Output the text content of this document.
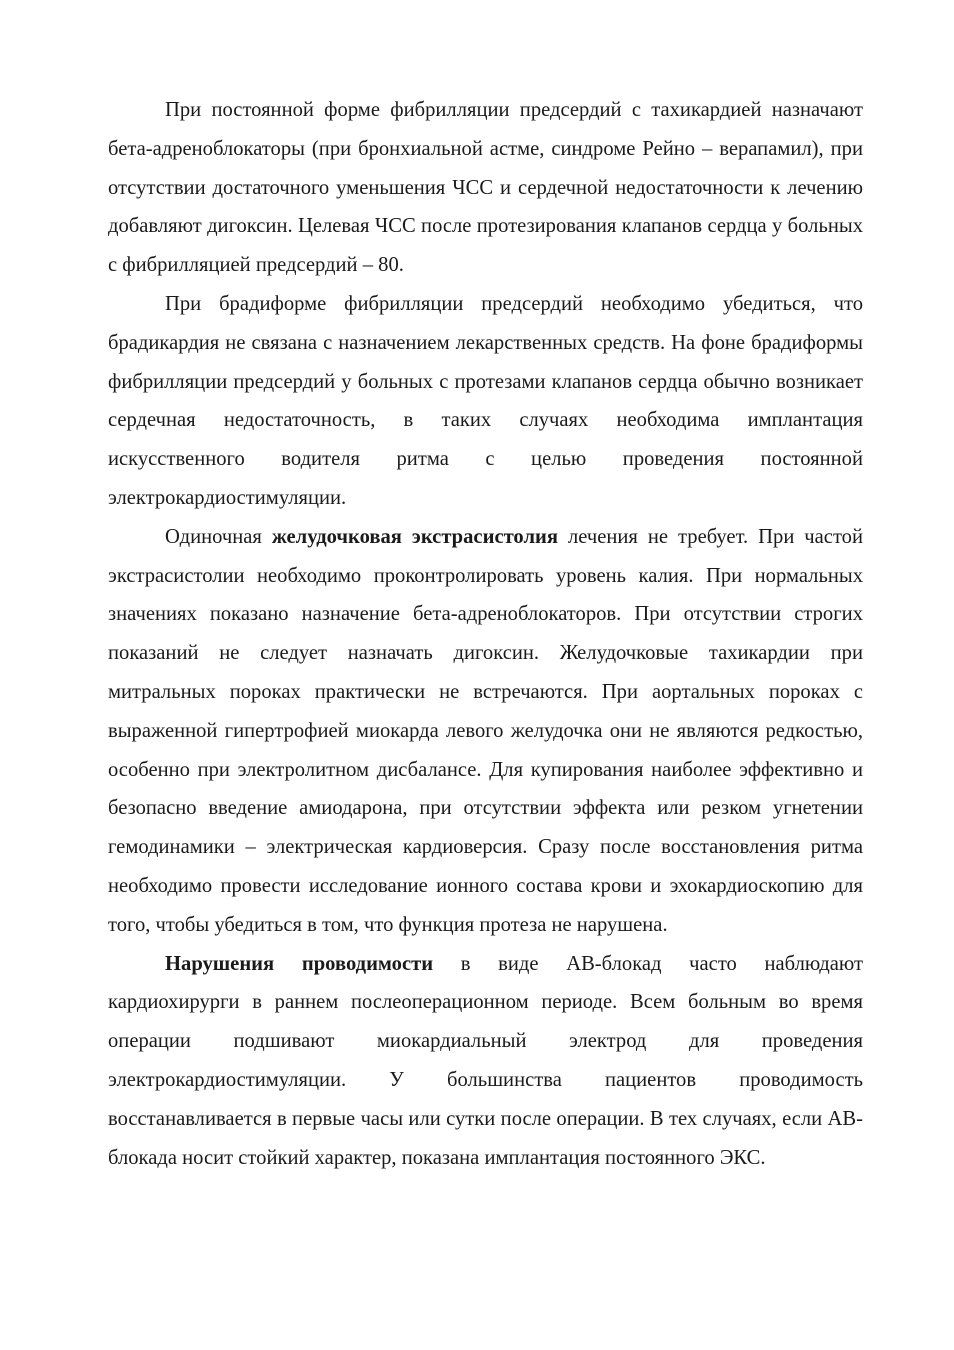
При постоянной форме фибрилляции предсердий с тахикардией назначают бета-адреноблокаторы (при бронхиальной астме, синдроме Рейно – верапамил), при отсутствии достаточного уменьшения ЧСС и сердечной недостаточности к лечению добавляют дигоксин. Целевая ЧСС после протезирования клапанов сердца у больных с фибрилляцией предсердий – 80.

При брадиформе фибрилляции предсердий необходимо убедиться, что брадикардия не связана с назначением лекарственных средств. На фоне брадиформы фибрилляции предсердий у больных с протезами клапанов сердца обычно возникает сердечная недостаточность, в таких случаях необходима имплантация искусственного водителя ритма с целью проведения постоянной электрокардиостимуляции.

Одиночная желудочковая экстрасистолия лечения не требует. При частой экстрасистолии необходимо проконтролировать уровень калия. При нормальных значениях показано назначение бета-адреноблокаторов. При отсутствии строгих показаний не следует назначать дигоксин. Желудочковые тахикардии при митральных пороках практически не встречаются. При аортальных пороках с выраженной гипертрофией миокарда левого желудочка они не являются редкостью, особенно при электролитном дисбалансе. Для купирования наиболее эффективно и безопасно введение амиодарона, при отсутствии эффекта или резком угнетении гемодинамики – электрическая кардиоверсия. Сразу после восстановления ритма необходимо провести исследование ионного состава крови и эхокардиоскопию для того, чтобы убедиться в том, что функция протеза не нарушена.

Нарушения проводимости в виде АВ-блокад часто наблюдают кардиохирурги в раннем послеоперационном периоде. Всем больным во время операции подшивают миокардиальный электрод для проведения электрокардиостимуляции. У большинства пациентов проводимость восстанавливается в первые часы или сутки после операции. В тех случаях, если АВ-блокада носит стойкий характер, показана имплантация постоянного ЭКС.
